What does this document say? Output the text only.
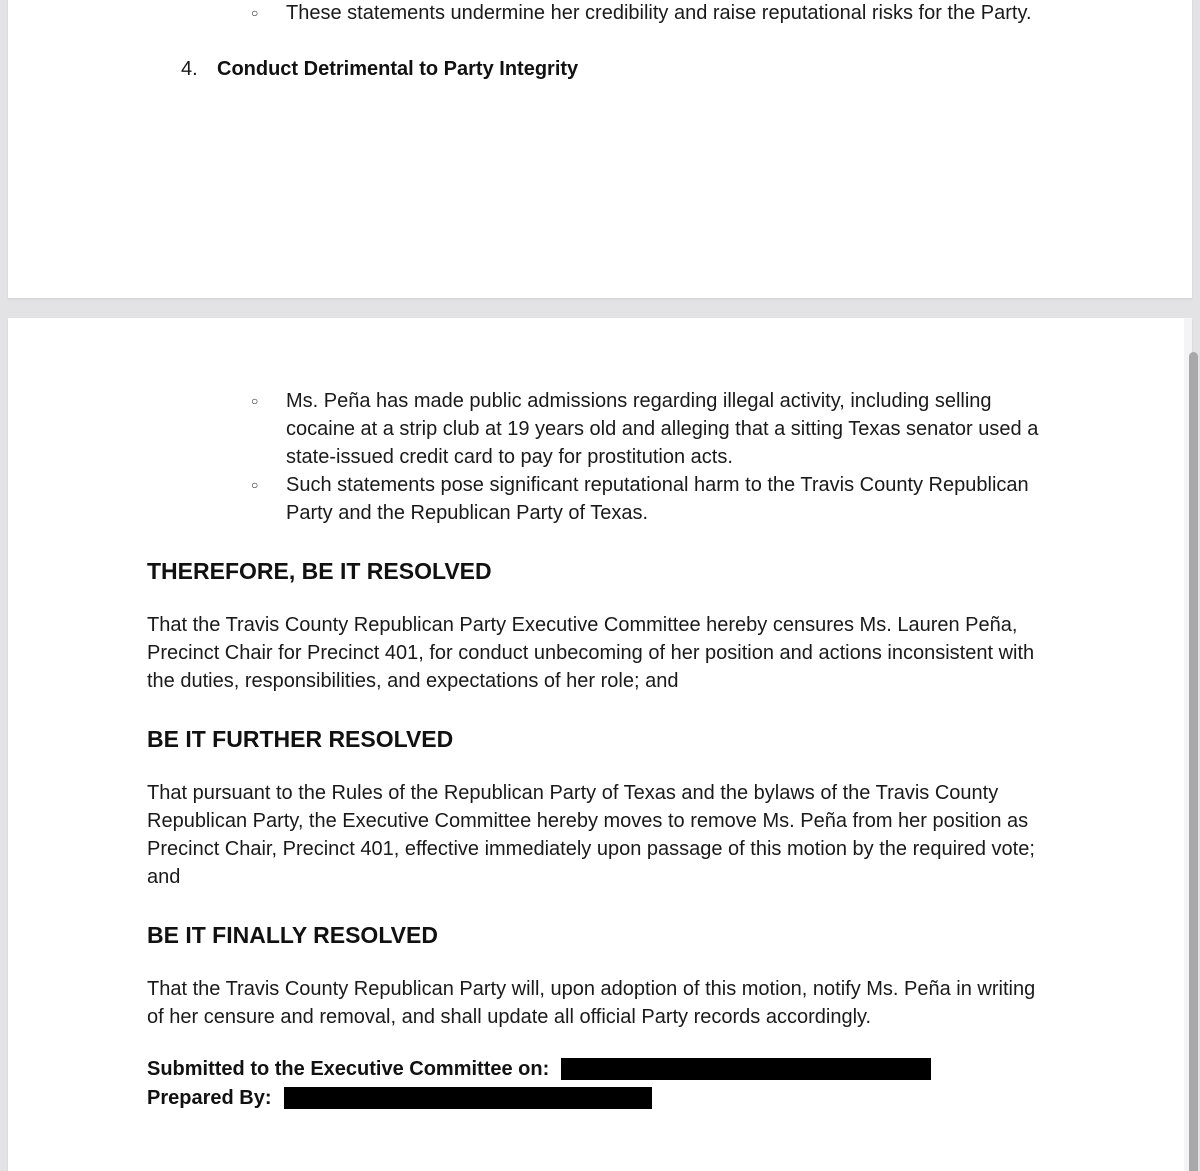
○ These statements undermine her credibility and raise reputational risks for the Party.
4. Conduct Detrimental to Party Integrity
○ Ms. Peña has made public admissions regarding illegal activity, including selling cocaine at a strip club at 19 years old and alleging that a sitting Texas senator used a state-issued credit card to pay for prostitution acts.
○ Such statements pose significant reputational harm to the Travis County Republican Party and the Republican Party of Texas.
THEREFORE, BE IT RESOLVED
That the Travis County Republican Party Executive Committee hereby censures Ms. Lauren Peña, Precinct Chair for Precinct 401, for conduct unbecoming of her position and actions inconsistent with the duties, responsibilities, and expectations of her role; and
BE IT FURTHER RESOLVED
That pursuant to the Rules of the Republican Party of Texas and the bylaws of the Travis County Republican Party, the Executive Committee hereby moves to remove Ms. Peña from her position as Precinct Chair, Precinct 401, effective immediately upon passage of this motion by the required vote; and
BE IT FINALLY RESOLVED
That the Travis County Republican Party will, upon adoption of this motion, notify Ms. Peña in writing of her censure and removal, and shall update all official Party records accordingly.
Submitted to the Executive Committee on:
Prepared By:
